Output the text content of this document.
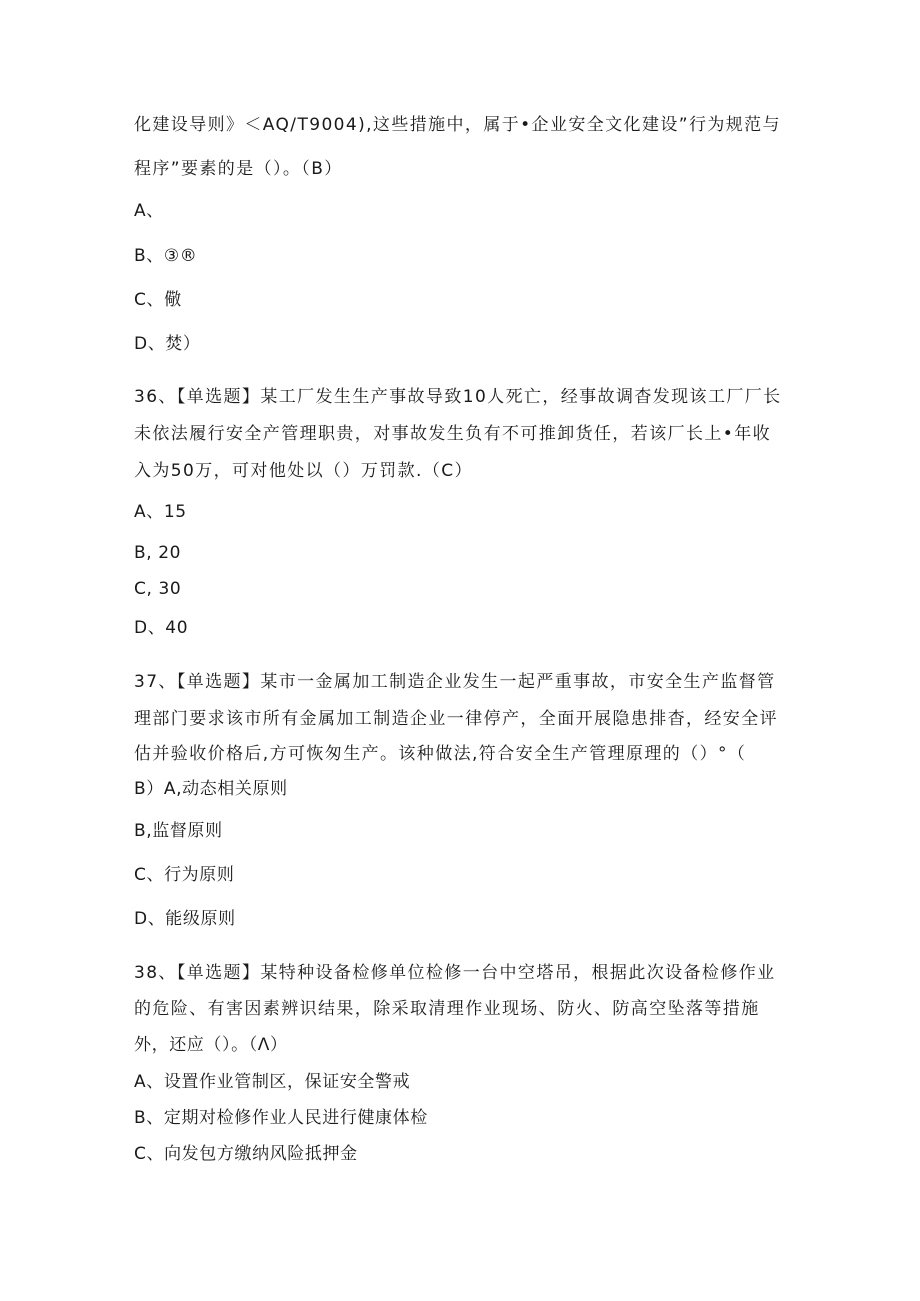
化建设导则》＜AQ/T9004),这些措施中，属于•企业安全文化建设”行为规范与

程序”要素的是（）。（B）

A、

B、③®

C、儆

D、焚）

36、【单选题】某工厂发生生产事故导致10人死亡，经事故调杳发现该工厂厂长

未依法履行安全产管理职贵，对事故发生负有不可推卸货任，若该厂长上•年收

入为50万，可对他处以（）万罚款.（C）

A、15

B, 20

C, 30

D、40

37、【单选题】某市一金属加工制造企业发生一起严重事故，市安全生产监督管

理部门要求该市所有金属加工制造企业一律停产，全面开展隐患排杳，经安全评

估并验收价格后,方可恢匆生产。该种做法,符合安全生产管理原理的（）°（

B）A,动态相关原则

B,监督原则

C、行为原则

D、能级原则

38、【单选题】某特种设备检修单位检修一台中空塔吊，根据此次设备检修作业

的危险、有害因素辨识结果，除采取清理作业现场、防火、防高空坠落等措施

外，还应（）。（Λ）

A、设置作业管制区，保证安全警戒

B、定期对检修作业人民进行健康体检

C、向发包方缴纳风险抵押金
